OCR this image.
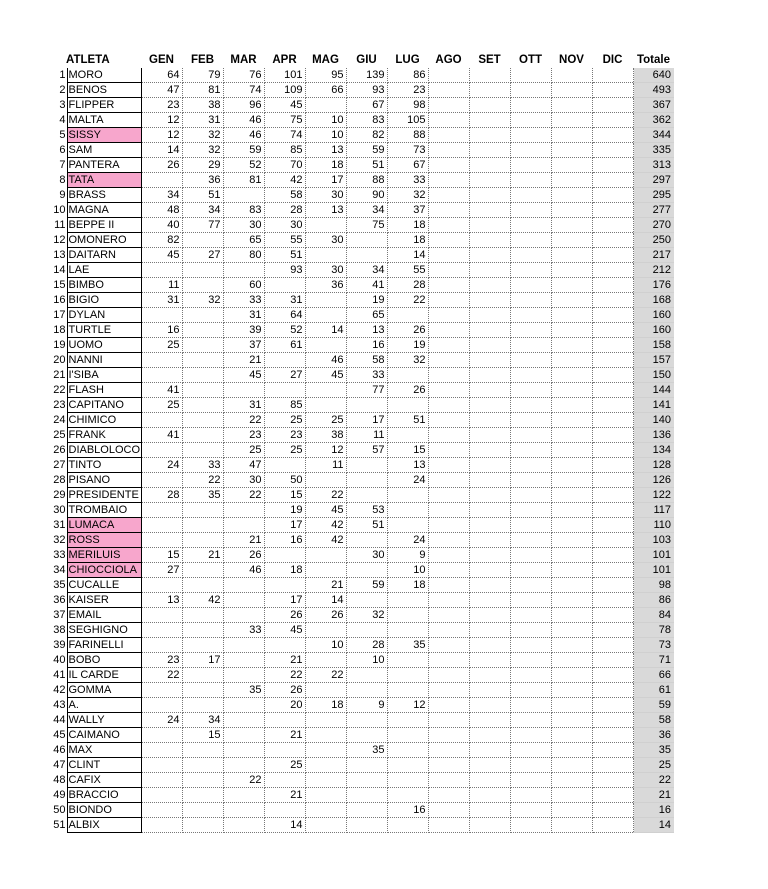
	ATLETA	GEN	FEB	MAR	APR	MAG	GIU	LUG	AGO	SET	OTT	NOV	DIC	Totale
1	MORO	64	79	76	101	95	139	86						640
2	BENOS	47	81	74	109	66	93	23						493
3	FLIPPER	23	38	96	45		67	98						367
4	MALTA	12	31	46	75	10	83	105						362
5	SISSY	12	32	46	74	10	82	88						344
6	SAM	14	32	59	85	13	59	73						335
7	PANTERA	26	29	52	70	18	51	67						313
8	TATA		36	81	42	17	88	33						297
9	BRASS	34	51		58	30	90	32						295
10	MAGNA	48	34	83	28	13	34	37						277
11	BEPPE II	40	77	30	30		75	18						270
12	OMONERO	82		65	55	30		18						250
13	DAITARN	45	27	80	51			14						217
14	LAE				93	30	34	55						212
15	BIMBO	11		60		36	41	28						176
16	BIGIO	31	32	33	31		19	22						168
17	DYLAN			31	64		65							160
18	TURTLE	16		39	52	14	13	26						160
19	UOMO	25		37	61		16	19						158
20	NANNI			21		46	58	32						157
21	I'SIBA			45	27	45	33							150
22	FLASH	41					77	26						144
23	CAPITANO	25		31	85									141
24	CHIMICO			22	25	25	17	51						140
25	FRANK	41		23	23	38	11							136
26	DIABLOLOCO			25	25	12	57	15						134
27	TINTO	24	33	47		11		13						128
28	PISANO		22	30	50			24						126
29	PRESIDENTE	28	35	22	15	22								122
30	TROMBAIO				19	45	53							117
31	LUMACA				17	42	51							110
32	ROSS			21	16	42		24						103
33	MERILUIS	15	21	26			30	9						101
34	CHIOCCIOLA	27		46	18			10						101
35	CUCALLE					21	59	18						98
36	KAISER	13	42		17	14								86
37	EMAIL				26	26	32							84
38	SEGHIGNO			33	45									78
39	FARINELLI					10	28	35						73
40	BOBO	23	17		21		10							71
41	IL CARDE	22			22	22								66
42	GOMMA			35	26									61
43	A.				20	18	9	12						59
44	WALLY	24	34											58
45	CAIMANO		15		21									36
46	MAX						35							35
47	CLINT				25									25
48	CAFIX			22										22
49	BRACCIO				21									21
50	BIONDO							16						16
51	ALBIX				14									14
